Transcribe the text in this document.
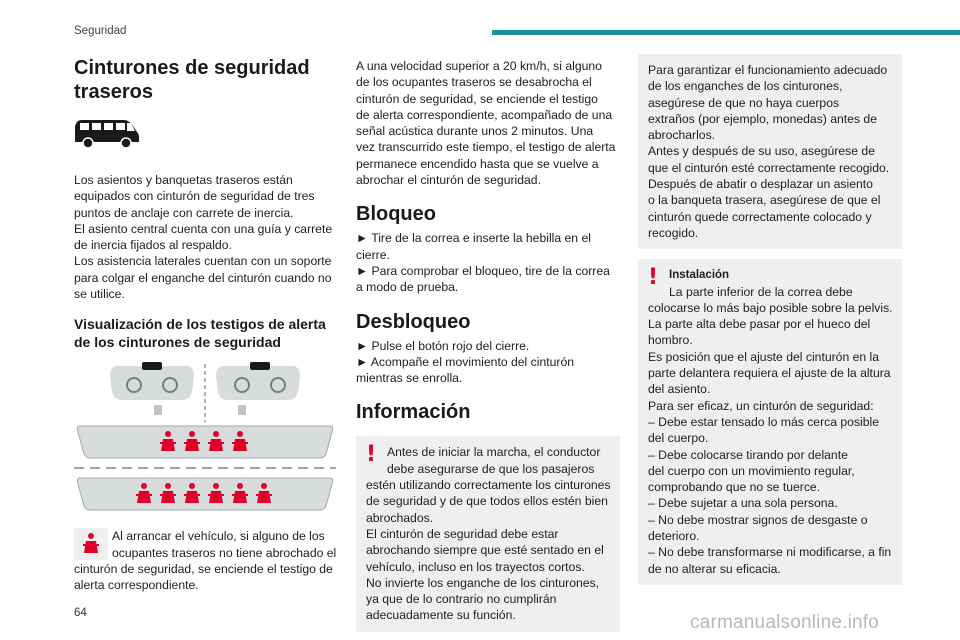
Seguridad
64	carmanualsonline.info
Cinturones de seguridad
traseros
Los asientos y banquetas traseros están
equipados con cinturón de seguridad de tres
puntos de anclaje con carrete de inercia.
El asiento central cuenta con una guía y carrete
de inercia fijados al respaldo.
Los asistencia laterales cuentan con un soporte
para colgar el enganche del cinturón cuando no
se utilice.
Visualización de los testigos de alerta
de los cinturones de seguridad
Al arrancar el vehículo, si alguno de los
ocupantes traseros no tiene abrochado el
cinturón de seguridad, se enciende el testigo de
alerta correspondiente.
A una velocidad superior a 20 km/h, si alguno
de los ocupantes traseros se desabrocha el
cinturón de seguridad, se enciende el testigo
de alerta correspondiente, acompañado de una
señal acústica durante unos 2 minutos. Una
vez transcurrido este tiempo, el testigo de alerta
permanece encendido hasta que se vuelve a
abrochar el cinturón de seguridad.
Bloqueo
► Tire de la correa e inserte la hebilla en el
cierre.
► Para comprobar el bloqueo, tire de la correa
a modo de prueba.
Desbloqueo
► Pulse el botón rojo del cierre.
► Acompañe el movimiento del cinturón
mientras se enrolla.
Información
! Antes de iniciar la marcha, el conductor
debe asegurarse de que los pasajeros
estén utilizando correctamente los cinturones
de seguridad y de que todos ellos estén bien
abrochados.
El cinturón de seguridad debe estar
abrochando siempre que esté sentado en el
vehículo, incluso en los trayectos cortos.
No invierte los enganche de los cinturones,
ya que de lo contrario no cumplirán
adecuadamente su función.
Para garantizar el funcionamiento adecuado
de los enganches de los cinturones,
asegúrese de que no haya cuerpos
extraños (por ejemplo, monedas) antes de
abrocharlos.
Antes y después de su uso, asegúrese de
que el cinturón esté correctamente recogido.
Después de abatir o desplazar un asiento
o la banqueta trasera, asegúrese de que el
cinturón quede correctamente colocado y
recogido.
! Instalación
La parte inferior de la correa debe
colocarse lo más bajo posible sobre la pelvis.
La parte alta debe pasar por el hueco del
hombro.
Es posición que el ajuste del cinturón en la
parte delantera requiera el ajuste de la altura
del asiento.
Para ser eficaz, un cinturón de seguridad:
– Debe estar tensado lo más cerca posible
del cuerpo.
– Debe colocarse tirando por delante
del cuerpo con un movimiento regular,
comprobando que no se tuerce.
– Debe sujetar a una sola persona.
– No debe mostrar signos de desgaste o
deterioro.
– No debe transformarse ni modificarse, a fin
de no alterar su eficacia.
